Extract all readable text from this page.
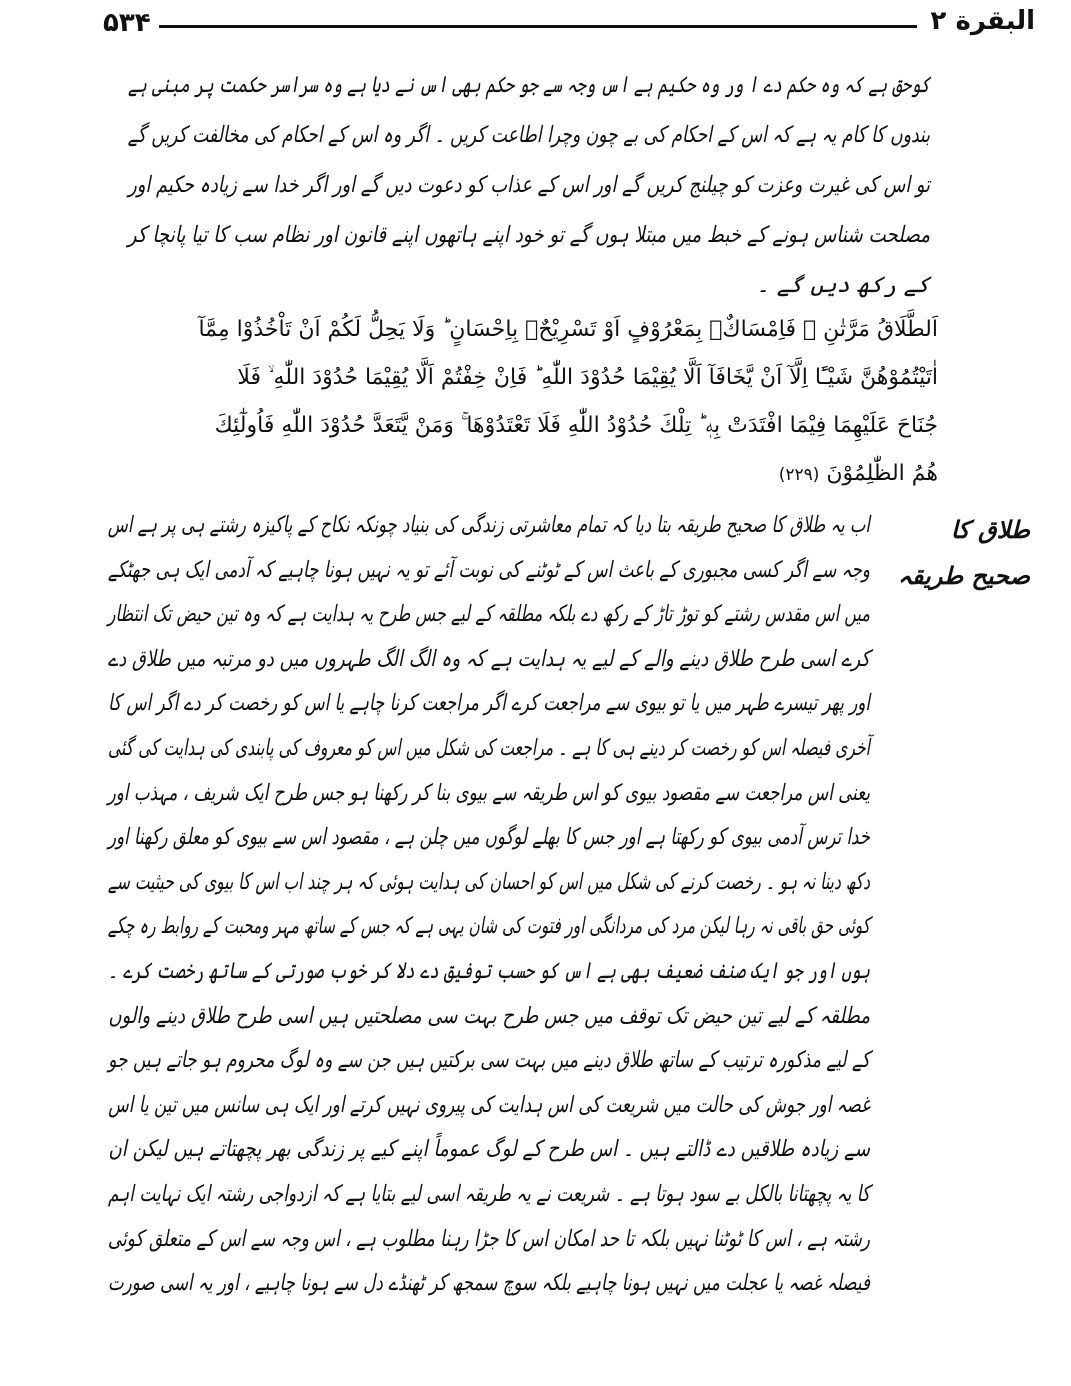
۵۳۴	البقرة ۲
کوحق ہے کہ وہ حکم دے ا ور وہ حکیم ہے اس وجہ سے جو حکم بھی اس نے دیا ہے وہ سراسر حکمت پر مبنی ہے
بندوں کا کام یہ ہے کہ اس کے احکام کی بے چون وچرا اطاعت کریں ۔ اگر وہ اس کے احکام کی مخالفت کریں گے
تو اس کی غیرت وعزت کو چیلنج کریں گے اور اس کے عذاب کو دعوت دیں گے اور اگر خدا سے زیادہ حکیم اور
مصلحت شناس ہونے کے خبط میں مبتلا ہوں گے تو خود اپنے ہاتھوں اپنے قانون اور نظام سب کا تیا پانچا کر
کے رکھ دیں گے ۔
اَلطَّلَاقُ مَرَّتٰنِ ۪ فَاِمْسَاكٌۢ بِمَعْرُوْفٍ اَوْ تَسْرِيْحٌۢ بِاِحْسَانٍ ؕ وَلَا يَحِلُّ لَكُمْ اَنْ تَاْخُذُوْا مِمَّآ
اٰتَيْتُمُوْهُنَّ شَيْـًٔا اِلَّآ اَنْ يَّخَافَآ اَلَّا يُقِيْمَا حُدُوْدَ اللّٰهِ ؕ فَاِنْ خِفْتُمْ اَلَّا يُقِيْمَا حُدُوْدَ اللّٰهِ ۙ فَلَا
جُنَاحَ عَلَيْهِمَا فِيْمَا افْتَدَتْ بِهٖ ؕ تِلْكَ حُدُوْدُ اللّٰهِ فَلَا تَعْتَدُوْهَا ۚ وَمَنْ يَّتَعَدَّ حُدُوْدَ اللّٰهِ فَاُولٰٓئِكَ
هُمُ الظّٰلِمُوْنَ (۲۲۹)
طلاق کا
صحیح طریقہ
اب یہ طلاق کا صحیح طریقہ بتا دیا کہ تمام معاشرتی زندگی کی بنیاد چونکہ نکاح کے پاکیزہ رشتے ہی پر ہے اس
وجہ سے اگر کسی مجبوری کے باعث اس کے ٹوٹنے کی نوبت آئے تو یہ نہیں ہونا چاہیے کہ آدمی ایک ہی جھٹکے
میں اس مقدس رشتے کو توڑ تاڑ کے رکھ دے بلکہ مطلقہ کے لیے جس طرح یہ ہدایت ہے کہ وہ تین حیض تک انتظار
کرے اسی طرح طلاق دینے والے کے لیے یہ ہدایت ہے کہ وہ الگ الگ طہروں میں دو مرتبہ میں طلاق دے
اور پھر تیسرے طہر میں یا تو بیوی سے مراجعت کرے اگر مراجعت کرنا چاہے یا اس کو رخصت کر دے اگر اس کا
آخری فیصلہ اس کو رخصت کر دینے ہی کا ہے ۔ مراجعت کی شکل میں اس کو معروف کی پابندی کی ہدایت کی گئی
یعنی اس مراجعت سے مقصود بیوی کو اس طریقہ سے بیوی بنا کر رکھنا ہو جس طرح ایک شریف ، مہذب اور
خدا ترس آدمی بیوی کو رکھتا ہے اور جس کا بھلے لوگوں میں چلن ہے ، مقصود اس سے بیوی کو معلق رکھنا اور
دکھ دینا نہ ہو ۔ رخصت کرنے کی شکل میں اس کو احسان کی ہدایت ہوئی کہ ہر چند اب اس کا بیوی کی حیثیت سے
کوئی حق باقی نہ رہا لیکن مرد کی مردانگی اور فتوت کی شان یہی ہے کہ جس کے ساتھ مہر ومحبت کے روابط رہ چکے
ہوں اور جو ایک صنف ضعیف بھی ہے اس کو حسب توفیق دے دلا کر خوب صورتی کے ساتھ رخصت کرے ۔
مطلقہ کے لیے تین حیض تک توقف میں جس طرح بہت سی مصلحتیں ہیں اسی طرح طلاق دینے والوں
کے لیے مذکورہ ترتیب کے ساتھ طلاق دینے میں بہت سی برکتیں ہیں جن سے وہ لوگ محروم ہو جاتے ہیں جو
غصہ اور جوش کی حالت میں شریعت کی اس ہدایت کی پیروی نہیں کرتے اور ایک ہی سانس میں تین یا اس
سے زیادہ طلاقیں دے ڈالتے ہیں ۔ اس طرح کے لوگ عموماً اپنے کیے پر زندگی بھر پچھتاتے ہیں لیکن ان
کا یہ پچھتانا بالکل بے سود ہوتا ہے ۔ شریعت نے یہ طریقہ اسی لیے بتایا ہے کہ ازدواجی رشتہ ایک نہایت اہم
رشتہ ہے ، اس کا ٹوٹنا نہیں بلکہ تا حد امکان اس کا جڑا رہنا مطلوب ہے ، اس وجہ سے اس کے متعلق کوئی
فیصلہ غصہ یا عجلت میں نہیں ہونا چاہیے بلکہ سوچ سمجھ کر ٹھنڈے دل سے ہونا چاہیے ، اور یہ اسی صورت
